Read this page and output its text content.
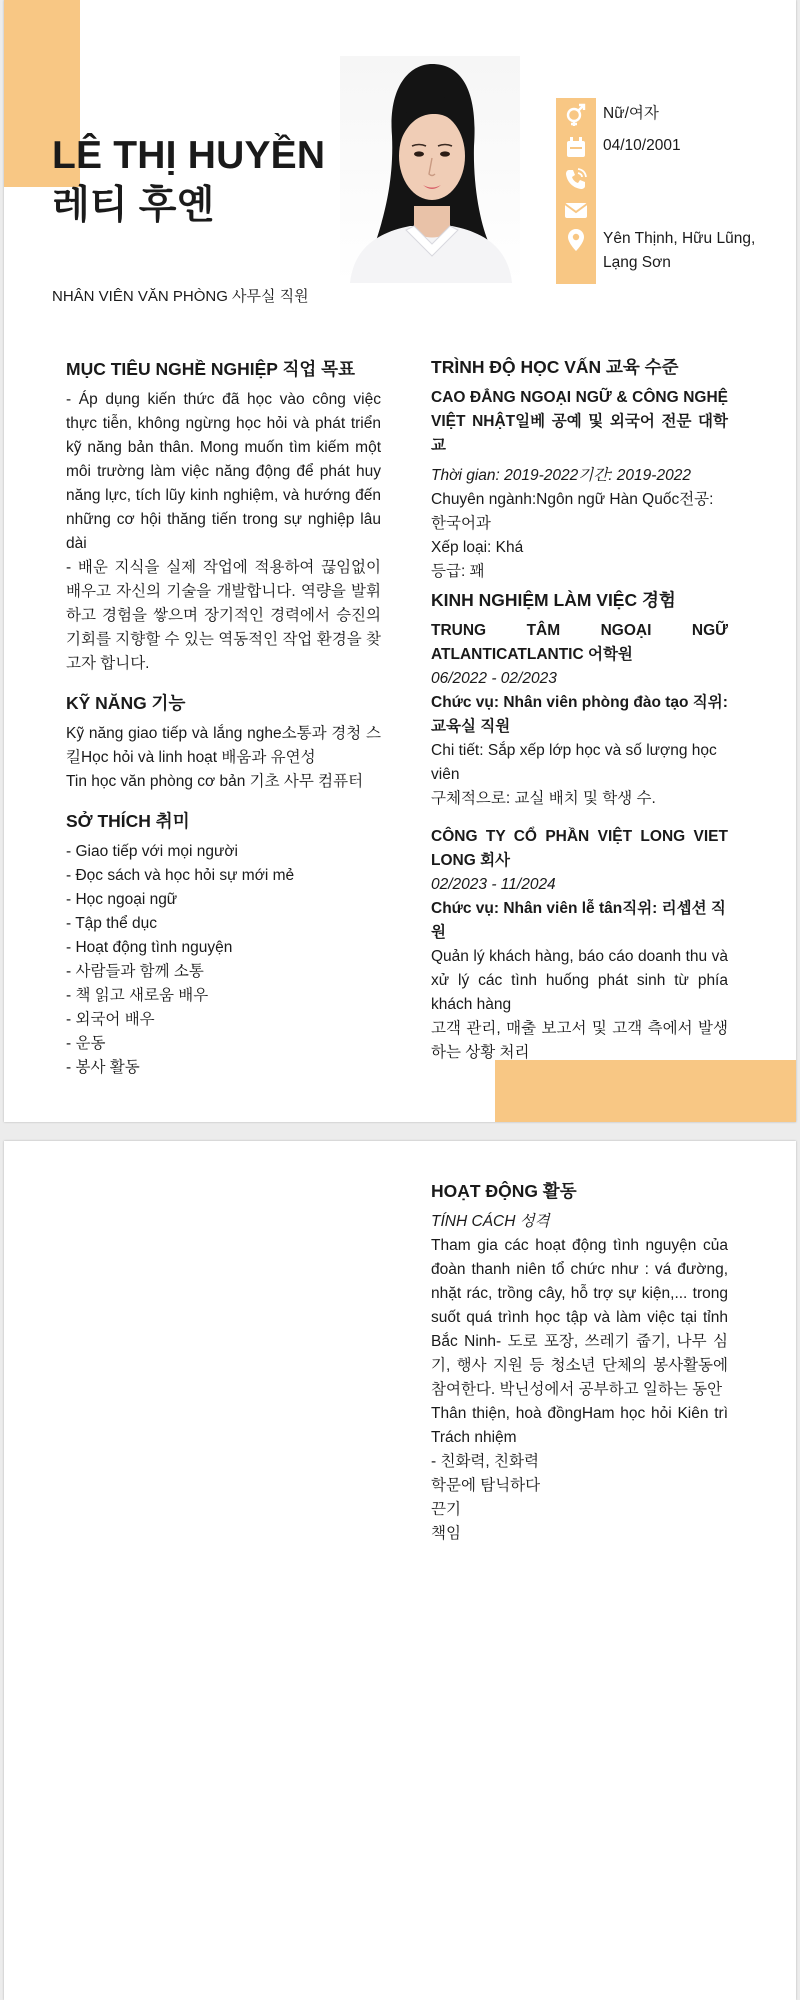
LÊ THỊ HUYỀN 레티 후옌
NHÂN VIÊN VĂN PHÒNG 사무실 직원
Nữ/여자
04/10/2001
Yên Thịnh, Hữu Lũng, Lạng Sơn
MỤC TIÊU NGHỀ NGHIỆP 직업 목표

- Áp dụng kiến thức đã học vào công việc thực tiễn, không ngừng học hỏi và phát triển kỹ năng bản thân. Mong muốn tìm kiếm một môi trường làm việc năng động để phát huy năng lực, tích lũy kinh nghiệm, và hướng đến những cơ hội thăng tiến trong sự nghiệp lâu dài

- 배운 지식을 실제 작업에 적용하여 끊임없이 배우고 자신의 기술을 개발합니다. 역량을 발휘하고 경험을 쌓으며 장기적인 경력에서 승진의 기회를 지향할 수 있는 역동적인 작업 환경을 찾고자 합니다.

KỸ NĂNG 기능

Kỹ năng giao tiếp và lắng nghe소통과 경청 스킬Học hỏi và linh hoạt 배움과 유연성

Tin học văn phòng cơ bản 기초 사무 컴퓨터

SỞ THÍCH 취미

- Giao tiếp với mọi người

- Đọc sách và học hỏi sự mới mẻ

- Học ngoại ngữ

- Tập thể dục

- Hoạt động tình nguyện

- 사람들과 함께 소통

- 책 읽고 새로움 배우

- 외국어 배우

- 운동

- 봉사 활동

TRÌNH ĐỘ HỌC VẤN 교육 수준

CAO ĐẲNG NGOẠI NGỮ & CÔNG NGHỆ VIỆT NHẬT일베 공예 및 외국어 전문 대학교

Thời gian: 2019-2022기간: 2019-2022

Chuyên ngành:Ngôn ngữ Hàn Quốc전공: 한국어과

Xếp loại: Khá

등급: 꽤

KINH NGHIỆM LÀM VIỆC 경험

TRUNG TÂM NGOẠI NGỮ

ATLANTICATLANTIC 어학원

06/2022 - 02/2023

Chức vụ: Nhân viên phòng đào tạo 직위: 교육실 직원

Chi tiết: Sắp xếp lớp học và số lượng học viên

구체적으로: 교실 배치 및 학생 수.

CÔNG TY CỔ PHẦN VIỆT LONG VIET LONG 회사

02/2023 - 11/2024

Chức vụ: Nhân viên lễ tân직위: 리셉션 직원

Quản lý khách hàng, báo cáo doanh thu và xử lý các tình huống phát sinh từ phía khách hàng

고객 관리, 매출 보고서 및 고객 측에서 발생하는 상황 처리

HOẠT ĐỘNG 활동

TÍNH CÁCH 성격

Tham gia các hoạt động tình nguyện của đoàn thanh niên tổ chức như : vá đường, nhặt rác, trồng cây, hỗ trợ sự kiện,... trong suốt quá trình học tập và làm việc tại tỉnh Bắc Ninh- 도로 포장, 쓰레기 줍기, 나무 심기, 행사 지원 등 청소년 단체의 봉사활동에 참여한다. 박닌성에서 공부하고 일하는 동안

Thân thiện, hoà đồngHam học hỏi Kiên trì Trách nhiệm

- 친화력, 친화력

학문에 탐닉하다

끈기

책임
